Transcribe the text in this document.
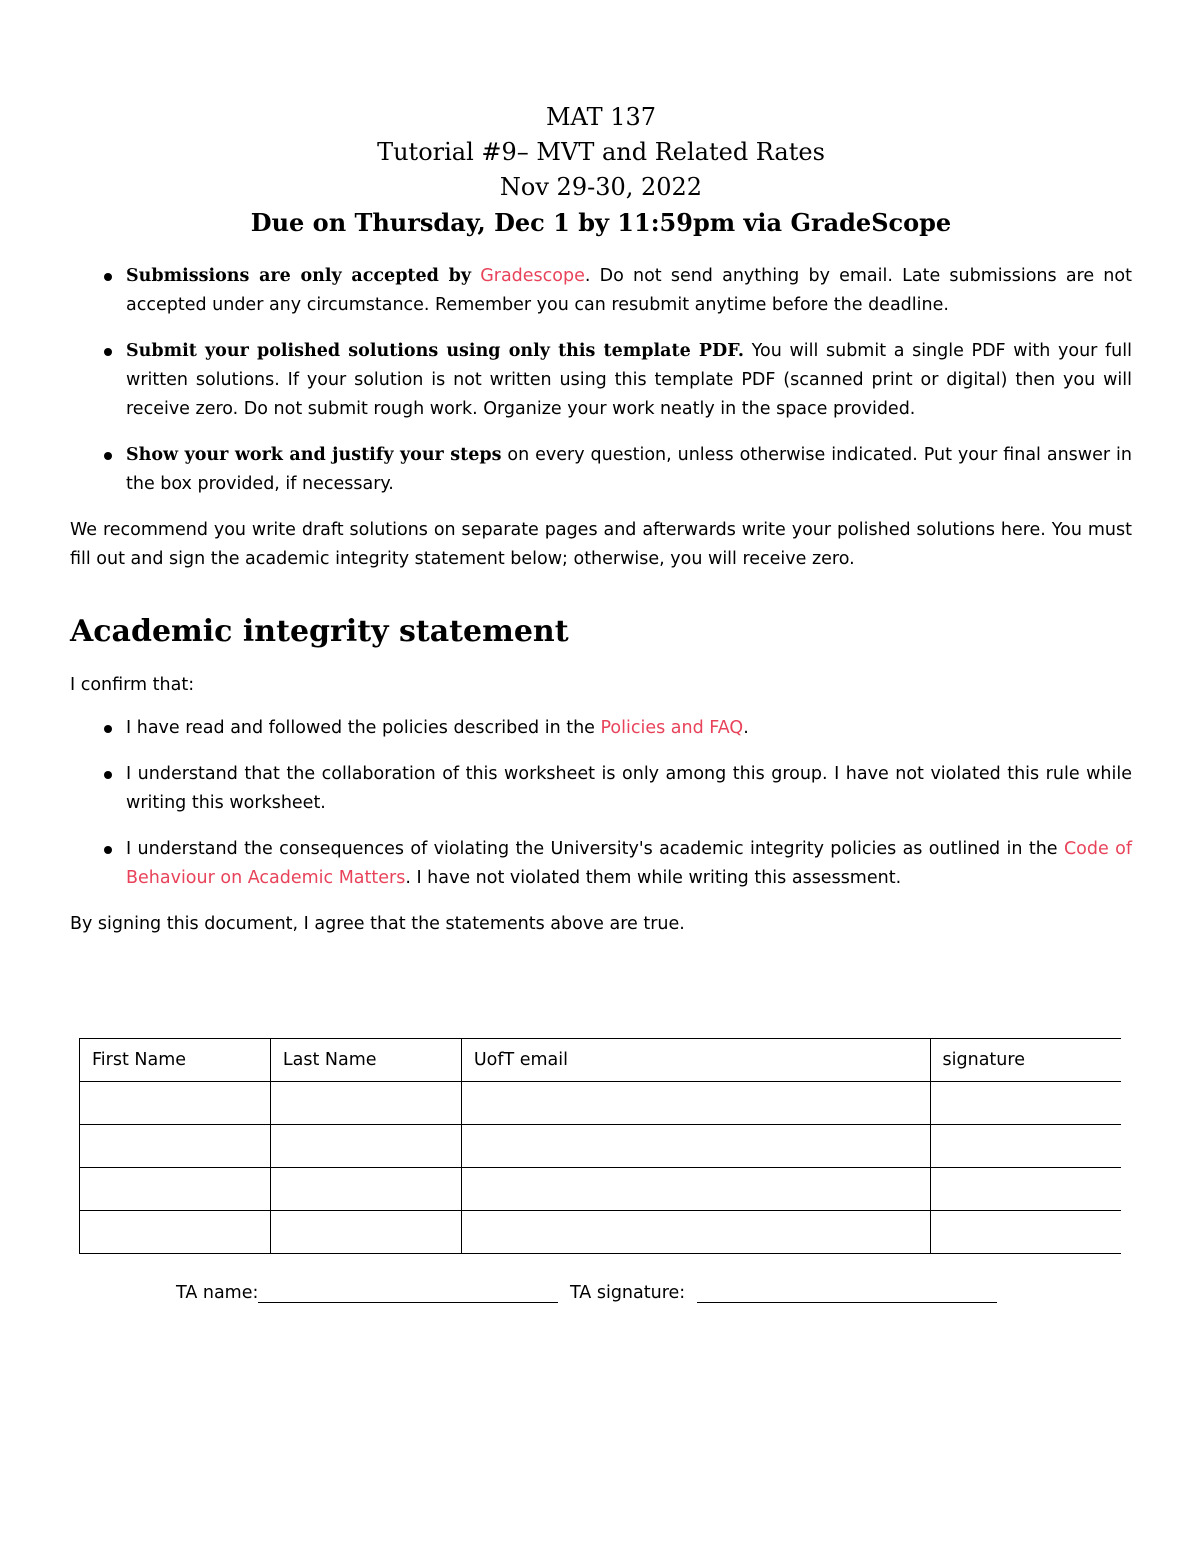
MAT 137
Tutorial #9– MVT and Related Rates
Nov 29-30, 2022
Due on Thursday, Dec 1 by 11:59pm via GradeScope
Submissions are only accepted by Gradescope. Do not send anything by email. Late submissions are not accepted under any circumstance. Remember you can resubmit anytime before the deadline.
Submit your polished solutions using only this template PDF. You will submit a single PDF with your full written solutions. If your solution is not written using this template PDF (scanned print or digital) then you will receive zero. Do not submit rough work. Organize your work neatly in the space provided.
Show your work and justify your steps on every question, unless otherwise indicated. Put your final answer in the box provided, if necessary.

We recommend you write draft solutions on separate pages and afterwards write your polished solutions here. You must fill out and sign the academic integrity statement below; otherwise, you will receive zero.

Academic integrity statement

I confirm that:

I have read and followed the policies described in the Policies and FAQ.
I understand that the collaboration of this worksheet is only among this group. I have not violated this rule while writing this worksheet.
I understand the consequences of violating the University's academic integrity policies as outlined in the Code of Behaviour on Academic Matters. I have not violated them while writing this assessment.

By signing this document, I agree that the statements above are true.

First Name	Last Name	UofT email	signature

TA name:	TA signature:
